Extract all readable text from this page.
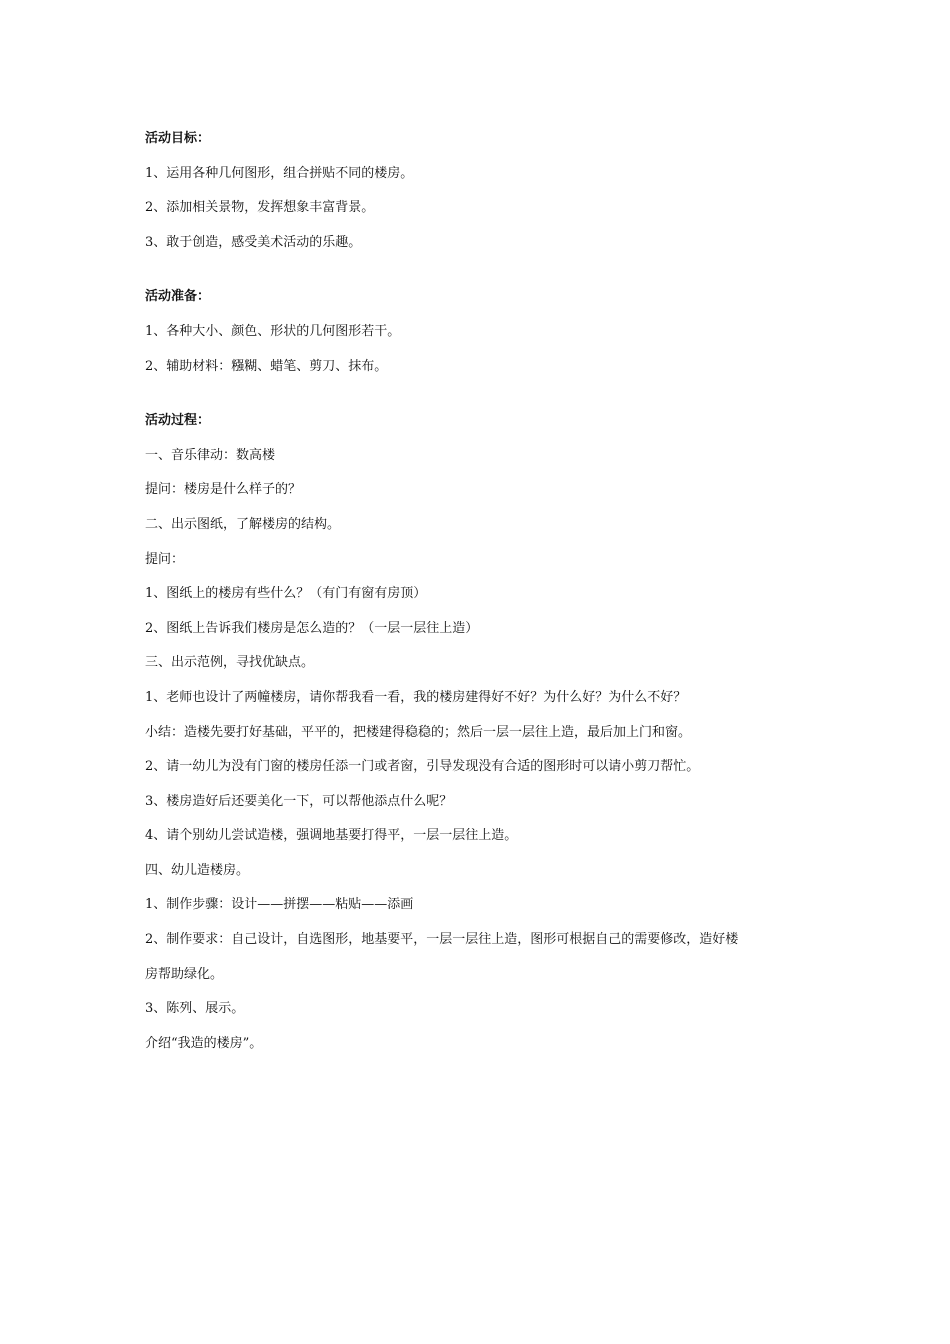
活动目标：

1、运用各种几何图形，组合拼贴不同的楼房。

2、添加相关景物，发挥想象丰富背景。

3、敢于创造，感受美术活动的乐趣。

活动准备：

1、各种大小、颜色、形状的几何图形若干。

2、辅助材料：糨糊、蜡笔、剪刀、抹布。

活动过程：

一、音乐律动：数高楼

提问：楼房是什么样子的？

二、出示图纸，了解楼房的结构。

提问：

1、图纸上的楼房有些什么？（有门有窗有房顶）

2、图纸上告诉我们楼房是怎么造的？（一层一层往上造）

三、出示范例，寻找优缺点。

1、老师也设计了两幢楼房，请你帮我看一看，我的楼房建得好不好？为什么好？为什么不好？

小结：造楼先要打好基础，平平的，把楼建得稳稳的；然后一层一层往上造，最后加上门和窗。

2、请一幼儿为没有门窗的楼房任添一门或者窗，引导发现没有合适的图形时可以请小剪刀帮忙。

3、楼房造好后还要美化一下，可以帮他添点什么呢？

4、请个别幼儿尝试造楼，强调地基要打得平，一层一层往上造。

四、幼儿造楼房。

1、制作步骤：设计——拼摆——粘贴——添画

2、制作要求：自己设计，自选图形，地基要平，一层一层往上造，图形可根据自己的需要修改，造好楼

房帮助绿化。

3、陈列、展示。

介绍“我造的楼房”。
